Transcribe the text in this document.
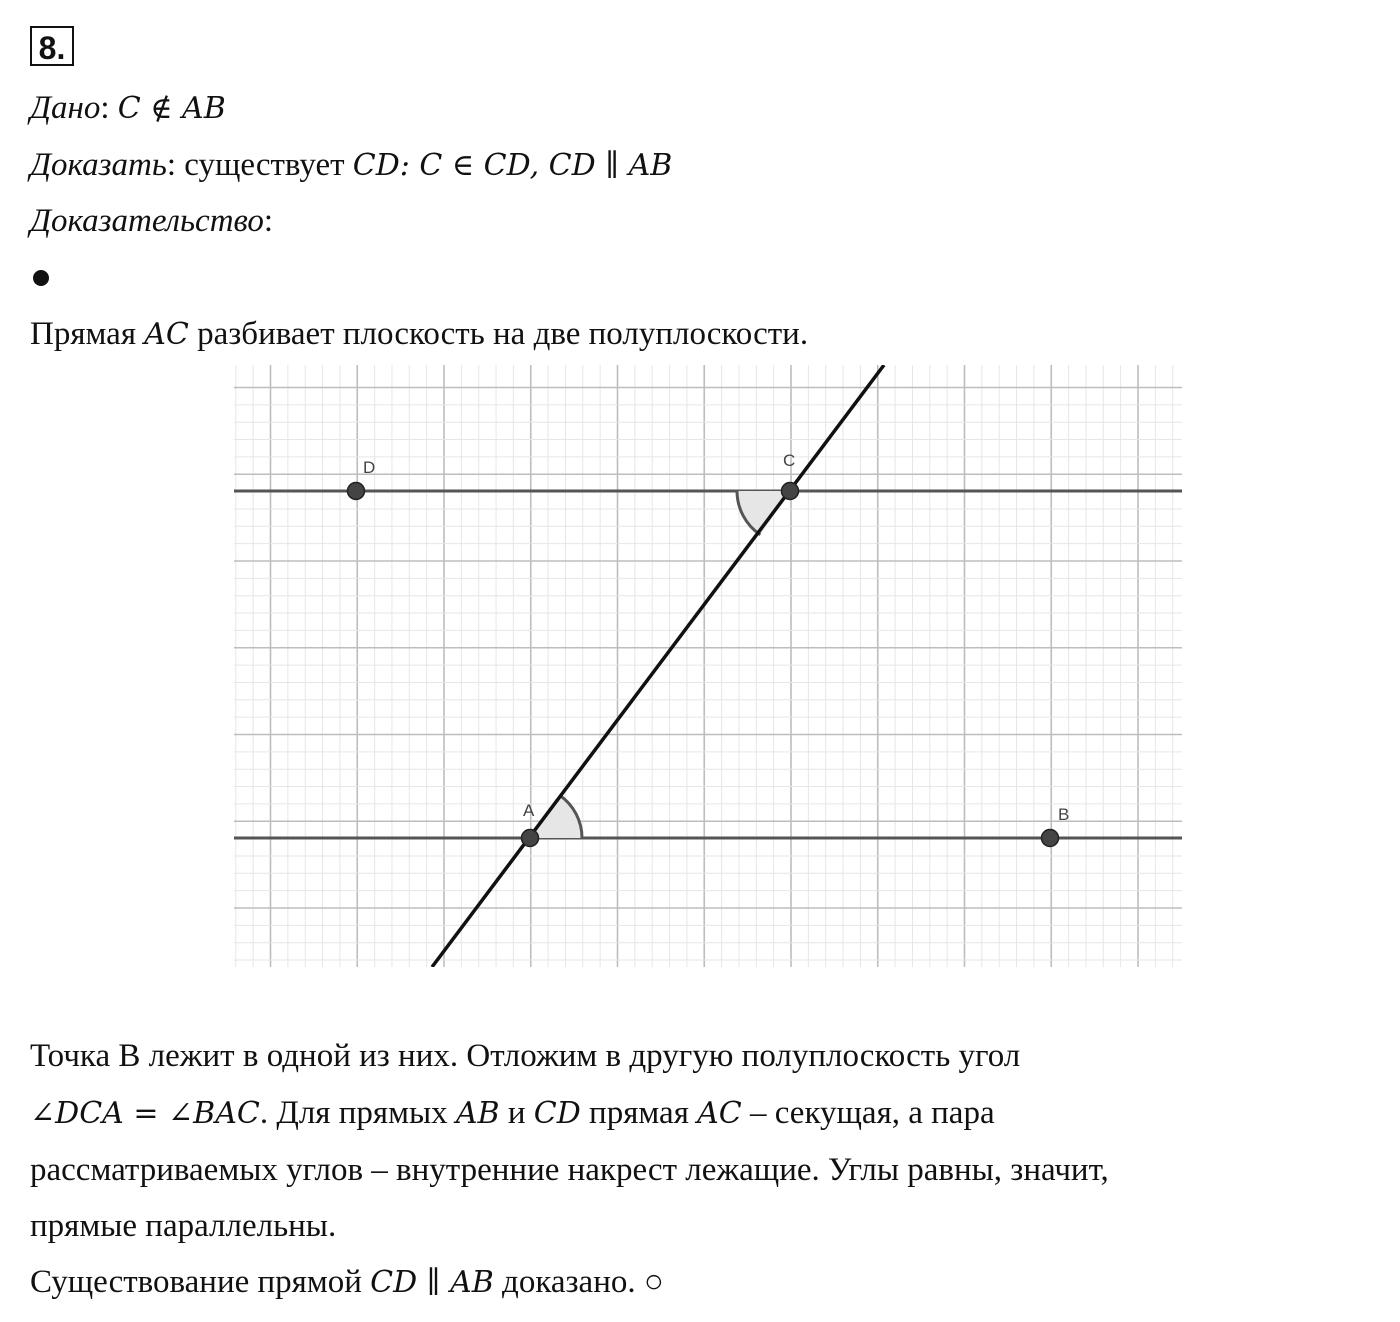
8.
Дано: C ∉ AB
Доказать: существует CD: C ∈ CD, CD ∥ AB
Доказательство:
Прямая AC разбивает плоскость на две полуплоскости.
D	C
A	B
Точка B лежит в одной из них. Отложим в другую полуплоскость угол
∠DCA = ∠BAC. Для прямых AB и CD прямая AC – секущая, а пара
рассматриваемых углов – внутренние накрест лежащие. Углы равны, значит,
прямые параллельны.
Существование прямой CD ∥ AB доказано. ○
